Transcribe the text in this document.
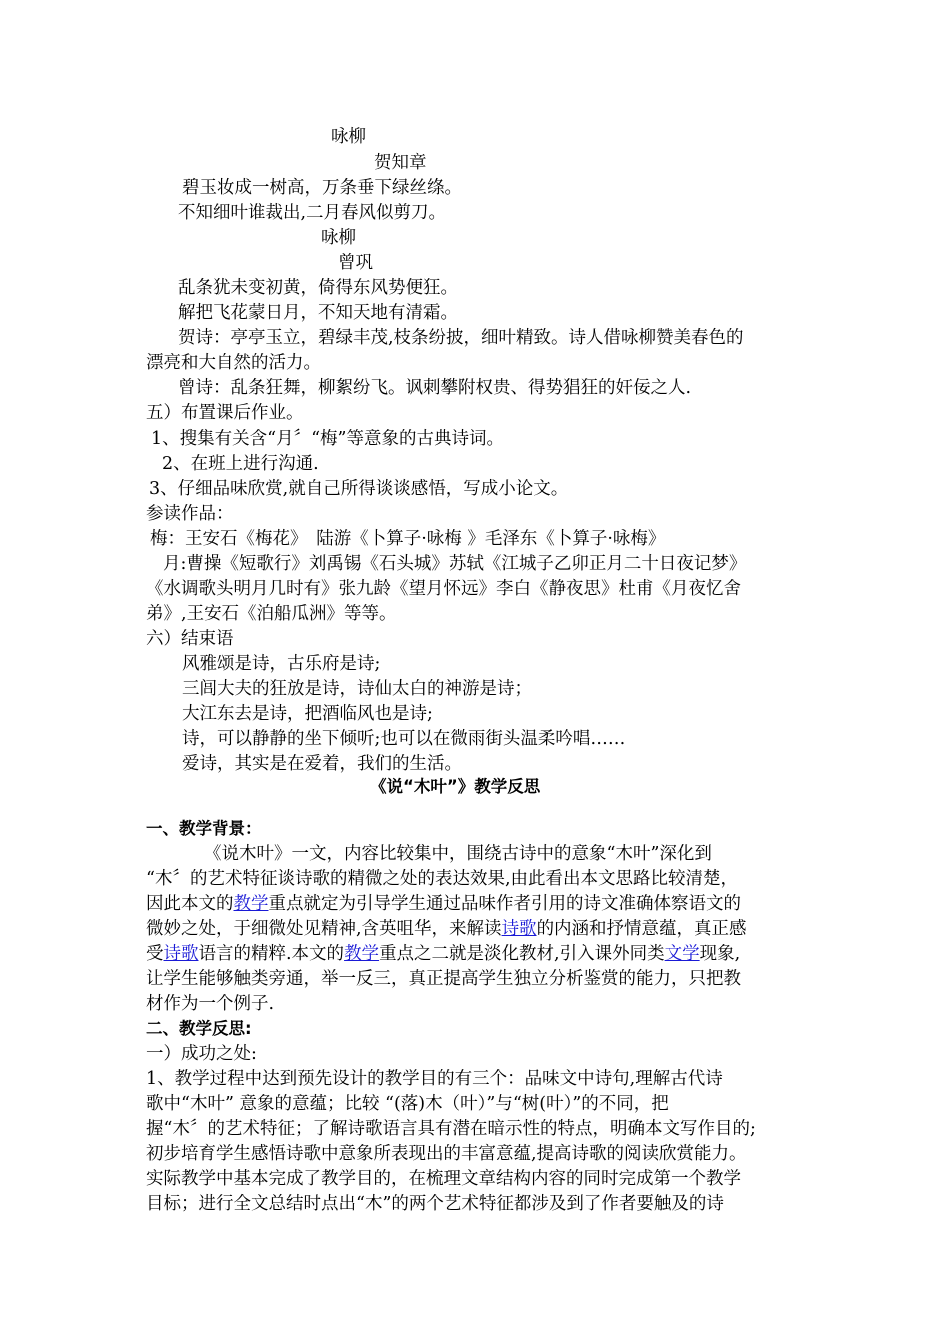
咏柳
贺知章
碧玉妆成一树高，万条垂下绿丝绦。
不知细叶谁裁出,二月春风似剪刀。
咏柳
曾巩
乱条犹未变初黄，倚得东风势便狂。
解把飞花蒙日月，不知天地有清霜。
贺诗：亭亭玉立，碧绿丰茂,枝条纷披，细叶精致。诗人借咏柳赞美春色的
漂亮和大自然的活力。
曾诗：乱条狂舞，柳絮纷飞。讽刺攀附权贵、得势猖狂的奸佞之人.
五）布置课后作业。
1、搜集有关含“月〞“梅”等意象的古典诗词。
2、在班上进行沟通.
3、仔细品味欣赏,就自己所得谈谈感悟，写成小论文。
参读作品：
梅：王安石《梅花》　陆游《卜算子·咏梅 》毛泽东《卜算子·咏梅》
月:曹操《短歌行》刘禹锡《石头城》苏轼《江城子乙卯正月二十日夜记梦》
《水调歌头明月几时有》张九龄《望月怀远》李白《静夜思》杜甫《月夜忆舍
弟》,王安石《泊船瓜洲》等等。
六）结束语
风雅颂是诗，古乐府是诗;
三闾大夫的狂放是诗，诗仙太白的神游是诗；
大江东去是诗，把酒临风也是诗;
诗，可以静静的坐下倾听;也可以在微雨街头温柔吟唱……
爱诗，其实是在爱着，我们的生活。
《说“木叶”》教学反思
一、教学背景：
《说木叶》一文，内容比较集中，围绕古诗中的意象“木叶”深化到
“木〞的艺术特征谈诗歌的精微之处的表达效果,由此看出本文思路比较清楚，
因此本文的教学重点就定为引导学生通过品味作者引用的诗文准确体察语文的
微妙之处，于细微处见精神,含英咀华，来解读诗歌的内涵和抒情意蕴，真正感
受诗歌语言的精粹.本文的教学重点之二就是淡化教材,引入课外同类文学现象,
让学生能够触类旁通，举一反三，真正提高学生独立分析鉴赏的能力，只把教
材作为一个例子.
二、教学反思:
一）成功之处:
1、教学过程中达到预先设计的教学目的有三个：品味文中诗句,理解古代诗
歌中“木叶” 意象的意蕴；比较 “(落)木（叶）”与“树(叶）”的不同，把
握“木〞的艺术特征；了解诗歌语言具有潜在暗示性的特点，明确本文写作目的;
初步培育学生感悟诗歌中意象所表现出的丰富意蕴,提高诗歌的阅读欣赏能力。
实际教学中基本完成了教学目的，在梳理文章结构内容的同时完成第一个教学
目标；进行全文总结时点出“木”的两个艺术特征都涉及到了作者要触及的诗
